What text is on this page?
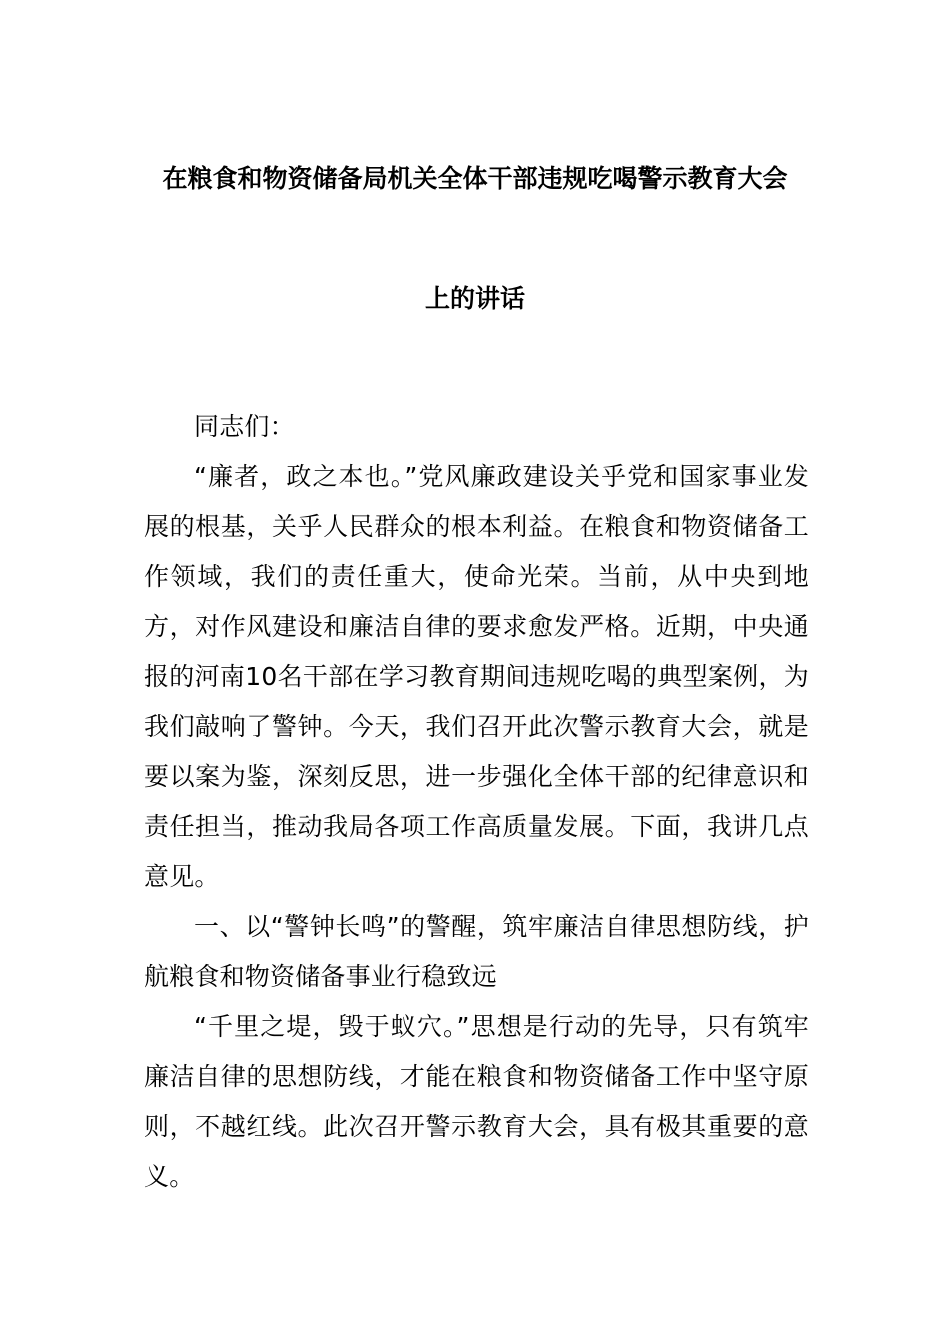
在粮食和物资储备局机关全体干部违规吃喝警示教育大会
上的讲话

同志们：

“廉者，政之本也。”党风廉政建设关乎党和国家事业发展的根基，关乎人民群众的根本利益。在粮食和物资储备工作领域，我们的责任重大，使命光荣。当前，从中央到地方，对作风建设和廉洁自律的要求愈发严格。近期，中央通报的河南10名干部在学习教育期间违规吃喝的典型案例，为我们敲响了警钟。今天，我们召开此次警示教育大会，就是要以案为鉴，深刻反思，进一步强化全体干部的纪律意识和责任担当，推动我局各项工作高质量发展。下面，我讲几点意见。

一、以“警钟长鸣”的警醒，筑牢廉洁自律思想防线，护航粮食和物资储备事业行稳致远

“千里之堤，毁于蚁穴。”思想是行动的先导，只有筑牢廉洁自律的思想防线，才能在粮食和物资储备工作中坚守原则，不越红线。此次召开警示教育大会，具有极其重要的意义。
